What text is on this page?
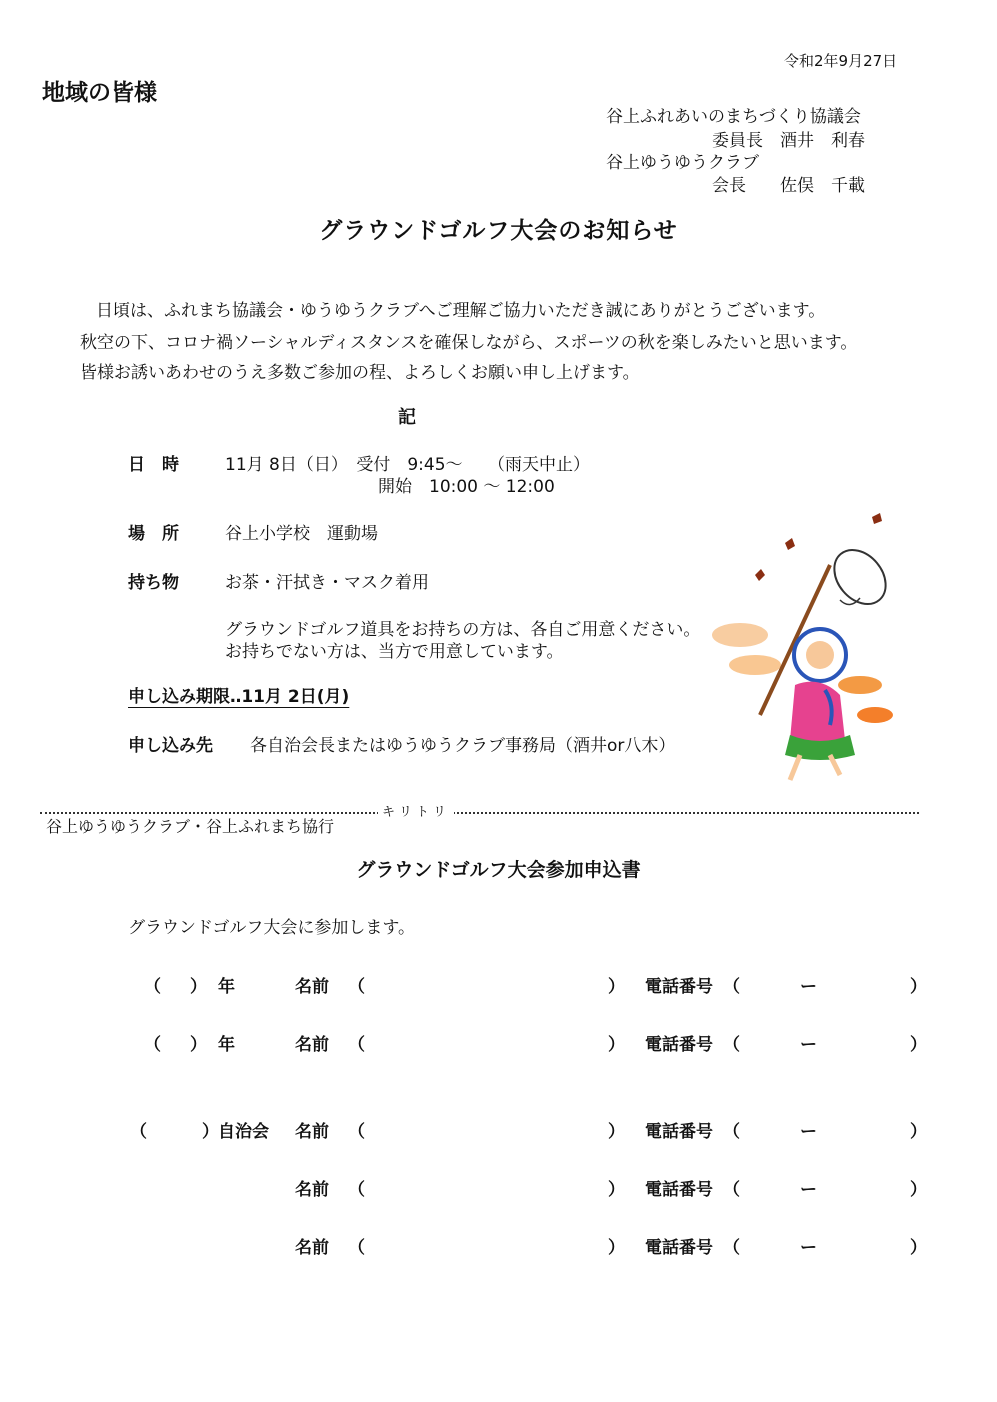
令和2年9月27日
地域の皆様
谷上ふれあいのまちづくり協議会
委員長　酒井　利春
谷上ゆうゆうクラブ
会長　　佐俣　千載
グラウンドゴルフ大会のお知らせ
日頃は、ふれまち協議会・ゆうゆうクラブへご理解ご協力いただき誠にありがとうございます。
秋空の下、コロナ禍ソーシャルディスタンスを確保しながら、スポーツの秋を楽しみたいと思います。
皆様お誘いあわせのうえ多数ご参加の程、よろしくお願い申し上げます。
記
日　時	11月 8日（日）　受付　9:45～　　（雨天中止）
開始　10:00 ～ 12:00
場　所	谷上小学校　運動場
持ち物	お茶・汗拭き・マスク着用
グラウンドゴルフ道具をお持ちの方は、各自ご用意ください。
お持ちでない方は、当方で用意しています。
申し込み期限‥11月 2日(月)
申し込み先 各自治会長またはゆうゆうクラブ事務局（酒井or八木）
キリトリ
谷上ゆうゆうクラブ・谷上ふれまち協行
グラウンドゴルフ大会参加申込書
グラウンドゴルフ大会に参加します。
（ ） 年	名前 （	） 電話番号 （	ー	）
（ ） 年	名前 （	） 電話番号 （	ー	）
（	） 自治会 名前 （	） 電話番号 （	ー	）
名前 （	） 電話番号 （	ー	）
名前 （	） 電話番号 （	ー	）
